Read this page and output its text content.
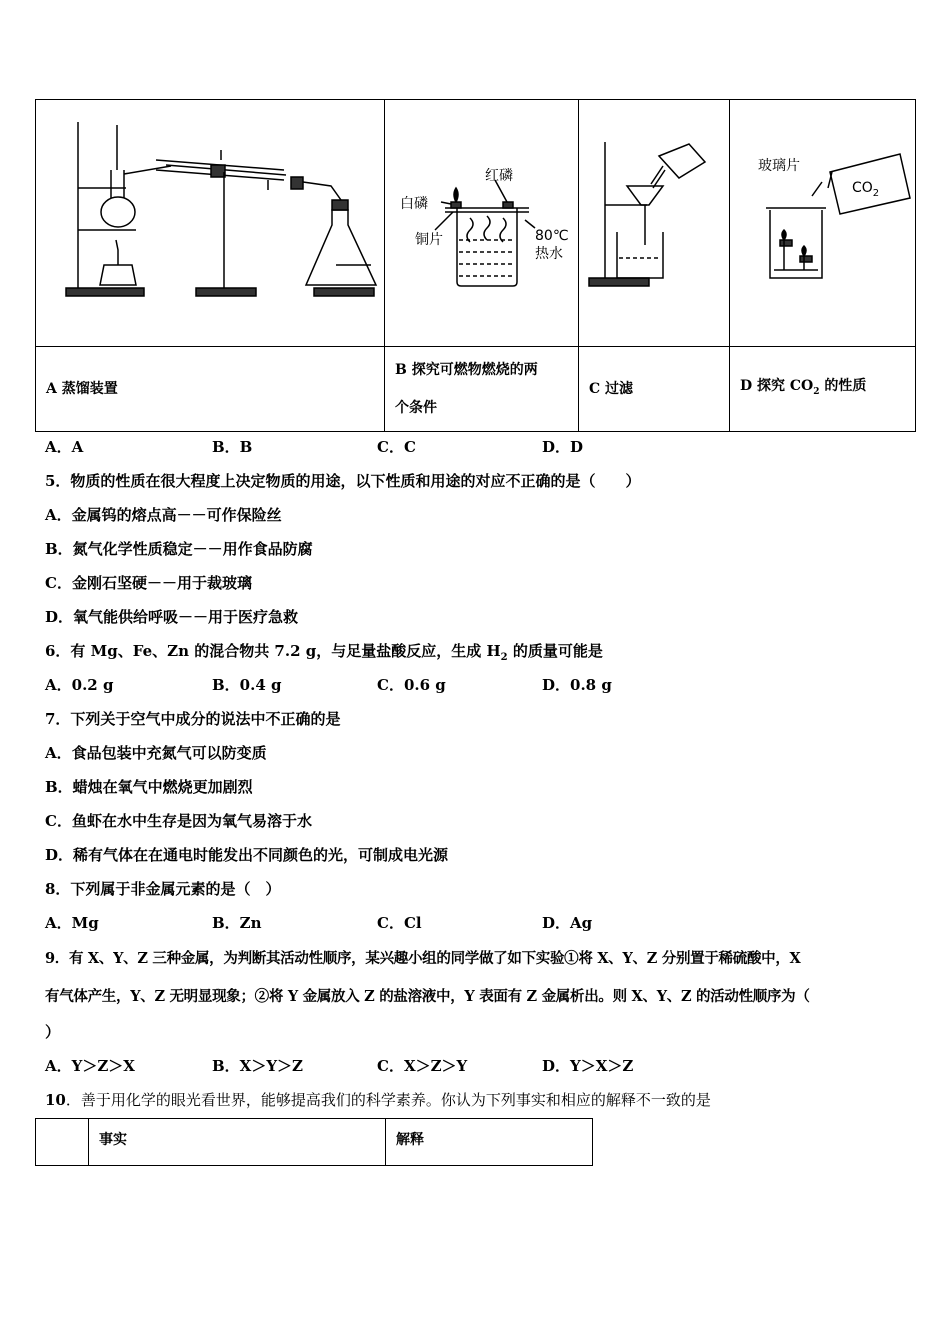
红磷
白磷
铜片 80℃
热水		玻璃片
$CO_2$

A 蒸馏装置	B 探究可燃物燃烧的两
个条件	C 过滤	D 探究 $CO_2$ 的性质
A．A	B．B	C．C	D．D
5．物质的性质在很大程度上决定物质的用途，以下性质和用途的对应不正确的是（　　）
A．金属钨的熔点高－－可作保险丝
B．氮气化学性质稳定－－用作食品防腐
C．金刚石坚硬－－用于裁玻璃
D．氧气能供给呼吸－－用于医疗急救
6．有 Mg、Fe、Zn 的混合物共 7.2 g，与足量盐酸反应，生成 $H_2$ 的质量可能是
A．0.2 g	B．0.4 g	C．0.6 g	D．0.8 g
7．下列关于空气中成分的说法中不正确的是
A．食品包装中充氮气可以防变质
B．蜡烛在氧气中燃烧更加剧烈
C．鱼虾在水中生存是因为氧气易溶于水
D．稀有气体在在通电时能发出不同颜色的光，可制成电光源
8．下列属于非金属元素的是（　）
A．Mg	B．Zn	C．Cl	D．Ag
9．有 X、Y、Z 三种金属，为判断其活动性顺序，某兴趣小组的同学做了如下实验①将 X、Y、Z 分别置于稀硫酸中，X
有气体产生，Y、Z 无明显现象；②将 Y 金属放入 Z 的盐溶液中，Y 表面有 Z 金属析出。则 X、Y、Z 的活动性顺序为（
）
A．Y＞Z＞X	B．X＞Y＞Z	C．X＞Z＞Y	D．Y＞X＞Z
10．善于用化学的眼光看世界，能够提高我们的科学素养。你认为下列事实和相应的解释不一致的是
	事实	解释
